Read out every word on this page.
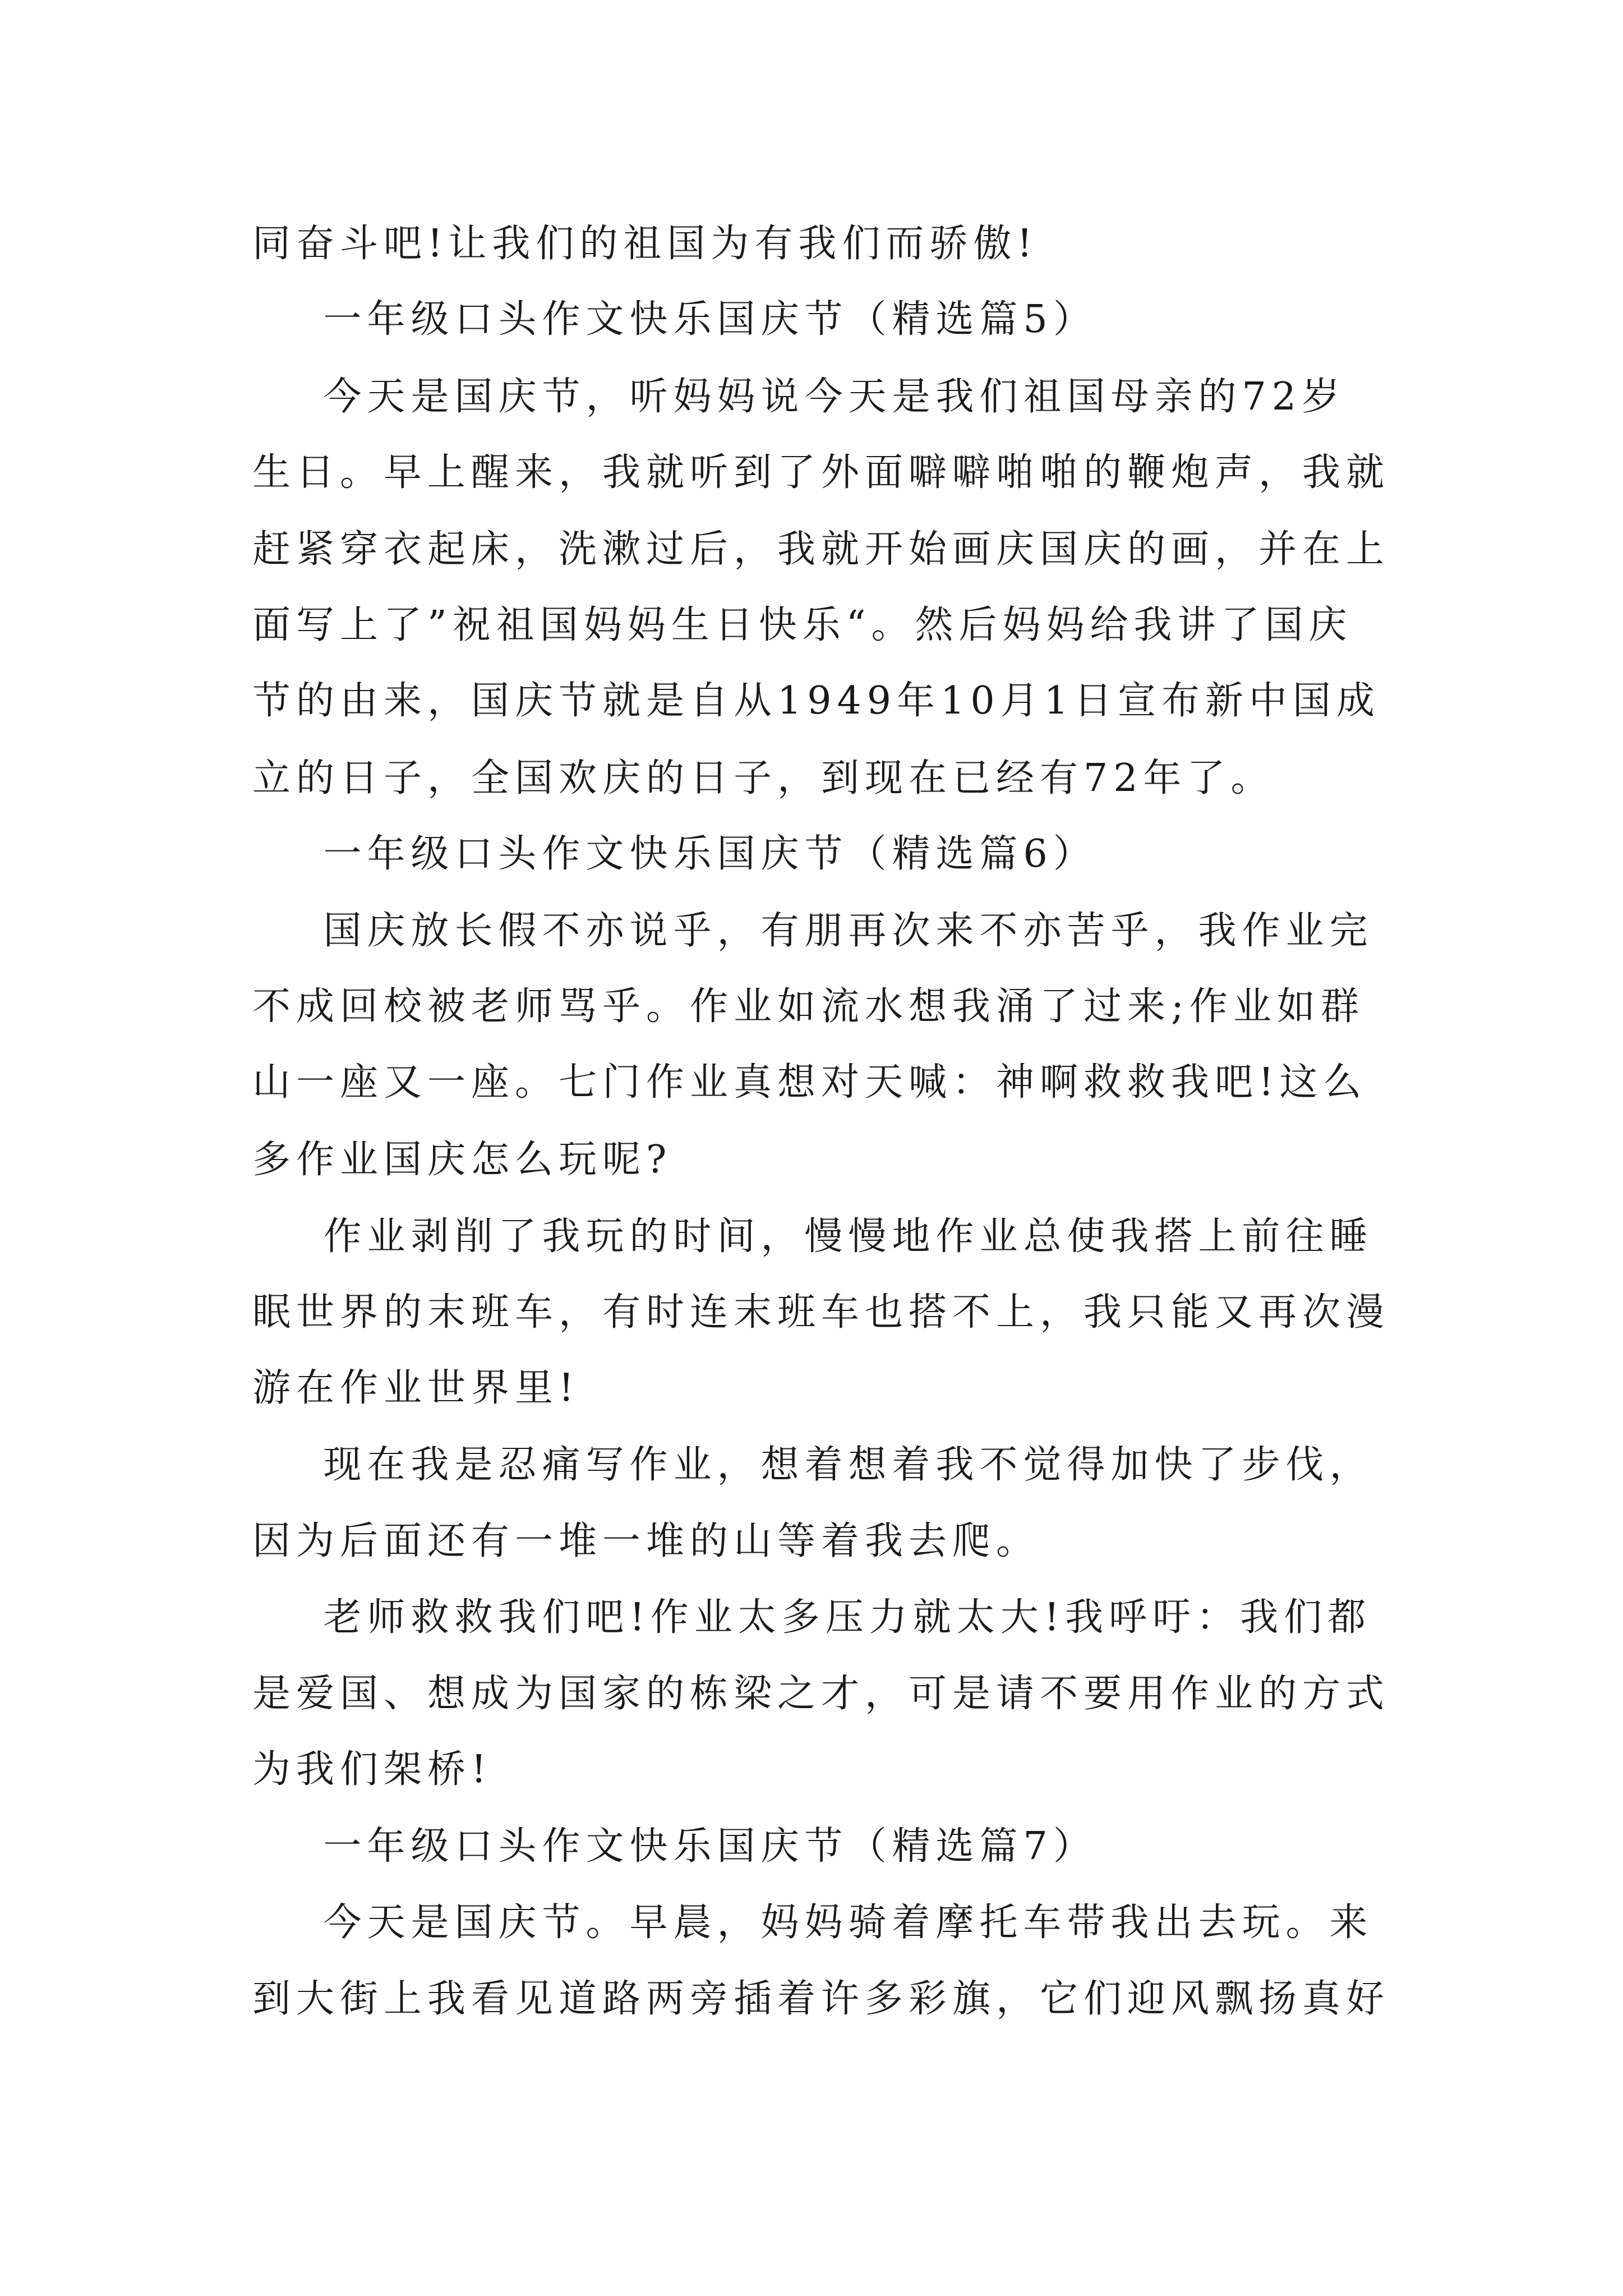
同奋斗吧!让我们的祖国为有我们而骄傲!

一年级口头作文快乐国庆节（精选篇5）

今天是国庆节，听妈妈说今天是我们祖国母亲的72岁

生日。早上醒来，我就听到了外面噼噼啪啪的鞭炮声，我就

赶紧穿衣起床，洗漱过后，我就开始画庆国庆的画，并在上

面写上了”祝祖国妈妈生日快乐“。然后妈妈给我讲了国庆

节的由来，国庆节就是自从1949年10月1日宣布新中国成

立的日子，全国欢庆的日子，到现在已经有72年了。

一年级口头作文快乐国庆节（精选篇6）

国庆放长假不亦说乎，有朋再次来不亦苦乎，我作业完

不成回校被老师骂乎。作业如流水想我涌了过来;作业如群

山一座又一座。七门作业真想对天喊：神啊救救我吧!这么

多作业国庆怎么玩呢?

作业剥削了我玩的时间，慢慢地作业总使我搭上前往睡

眠世界的末班车，有时连末班车也搭不上，我只能又再次漫

游在作业世界里!

现在我是忍痛写作业，想着想着我不觉得加快了步伐，

因为后面还有一堆一堆的山等着我去爬。

老师救救我们吧!作业太多压力就太大!我呼吁：我们都

是爱国、想成为国家的栋梁之才，可是请不要用作业的方式

为我们架桥!

一年级口头作文快乐国庆节（精选篇7）

今天是国庆节。早晨，妈妈骑着摩托车带我出去玩。来

到大街上我看见道路两旁插着许多彩旗，它们迎风飘扬真好
